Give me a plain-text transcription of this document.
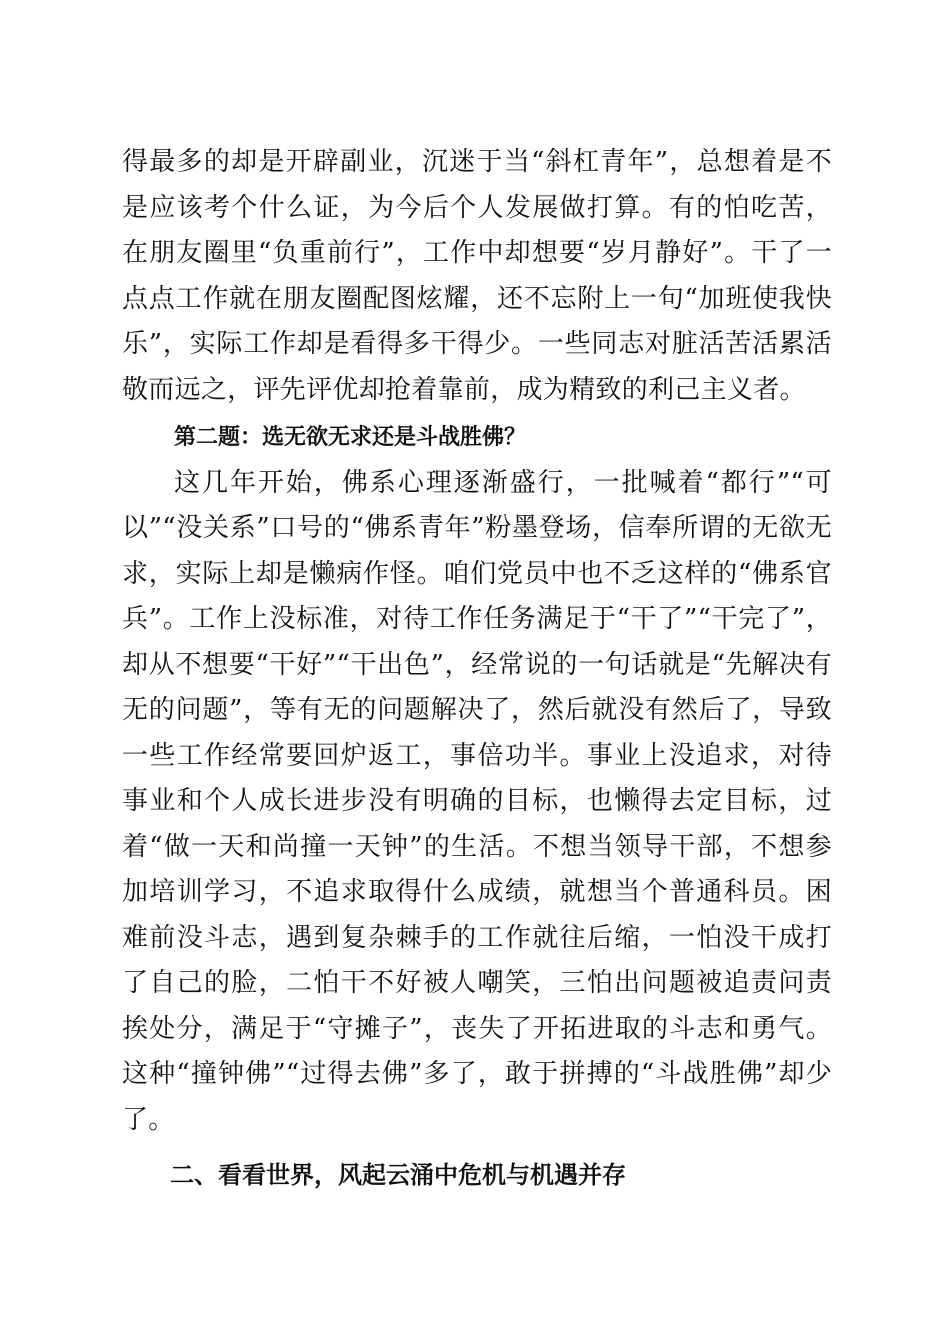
得最多的却是开辟副业，沉迷于当“斜杠青年”，总想着是不是应该考个什么证，为今后个人发展做打算。有的怕吃苦，在朋友圈里“负重前行”，工作中却想要“岁月静好”。干了一点点工作就在朋友圈配图炫耀，还不忘附上一句“加班使我快乐”，实际工作却是看得多干得少。一些同志对脏活苦活累活敬而远之，评先评优却抢着靠前，成为精致的利己主义者。

第二题：选无欲无求还是斗战胜佛？

这几年开始，佛系心理逐渐盛行，一批喊着“都行”“可以”“没关系”口号的“佛系青年”粉墨登场，信奉所谓的无欲无求，实际上却是懒病作怪。咱们党员中也不乏这样的“佛系官兵”。工作上没标准，对待工作任务满足于“干了”“干完了”，却从不想要“干好”“干出色”，经常说的一句话就是“先解决有无的问题”，等有无的问题解决了，然后就没有然后了，导致一些工作经常要回炉返工，事倍功半。事业上没追求，对待事业和个人成长进步没有明确的目标，也懒得去定目标，过着“做一天和尚撞一天钟”的生活。不想当领导干部，不想参加培训学习，不追求取得什么成绩，就想当个普通科员。困难前没斗志，遇到复杂棘手的工作就往后缩，一怕没干成打了自己的脸，二怕干不好被人嘲笑，三怕出问题被追责问责挨处分，满足于“守摊子”，丧失了开拓进取的斗志和勇气。这种“撞钟佛”“过得去佛”多了，敢于拼搏的“斗战胜佛”却少了。

二、看看世界，风起云涌中危机与机遇并存
